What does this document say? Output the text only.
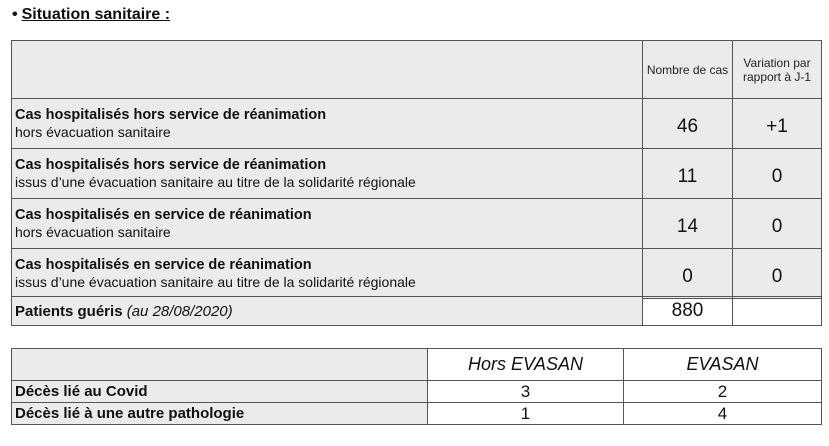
• Situation sanitaire :
	Nombre de cas	Variation par rapport à J-1

Cas hospitalisés hors service de réanimation
hors évacuation sanitaire	46	+1

Cas hospitalisés hors service de réanimation
issus d’une évacuation sanitaire au titre de la solidarité régionale	11	0

Cas hospitalisés en service de réanimation
hors évacuation sanitaire	14	0

Cas hospitalisés en service de réanimation
issus d’une évacuation sanitaire au titre de la solidarité régionale	0	0
Patients guéris (au 28/08/2020)	880	
	Hors EVASAN	EVASAN
Décès lié au Covid	3	2
Décès lié à une autre pathologie	1	4
